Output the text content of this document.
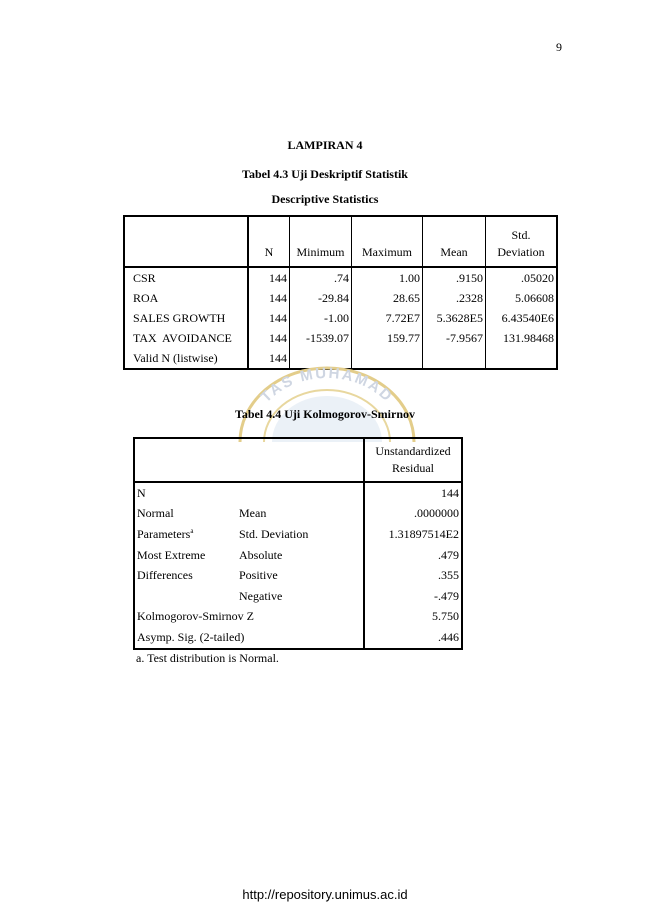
9
LAMPIRAN 4
Tabel 4.3 Uji Deskriptif Statistik
Descriptive Statistics
	N	Minimum	Maximum	Mean	Std.
Deviation
CSR	144	.74	1.00	.9150	.05020
ROA	144	-29.84	28.65	.2328	5.06608
SALES GROWTH	144	-1.00	7.72E7	5.3628E5	6.43540E6
TAX  AVOIDANCE	144	-1539.07	159.77	-7.9567	131.98468
Valid N (listwise)	144				
TAS MUHAMAD
Tabel 4.4 Uji Kolmogorov-Smirnov
		Unstandardized
Residual
N		144
Normal	Mean	.0000000
Parameters$^a$	Std. Deviation	1.31897514E2
Most Extreme	Absolute	.479
Differences	Positive	.355
	Negative	-.479
Kolmogorov-Smirnov Z		5.750
Asymp. Sig. (2-tailed)		.446
a. Test distribution is Normal.
http://repository.unimus.ac.id
